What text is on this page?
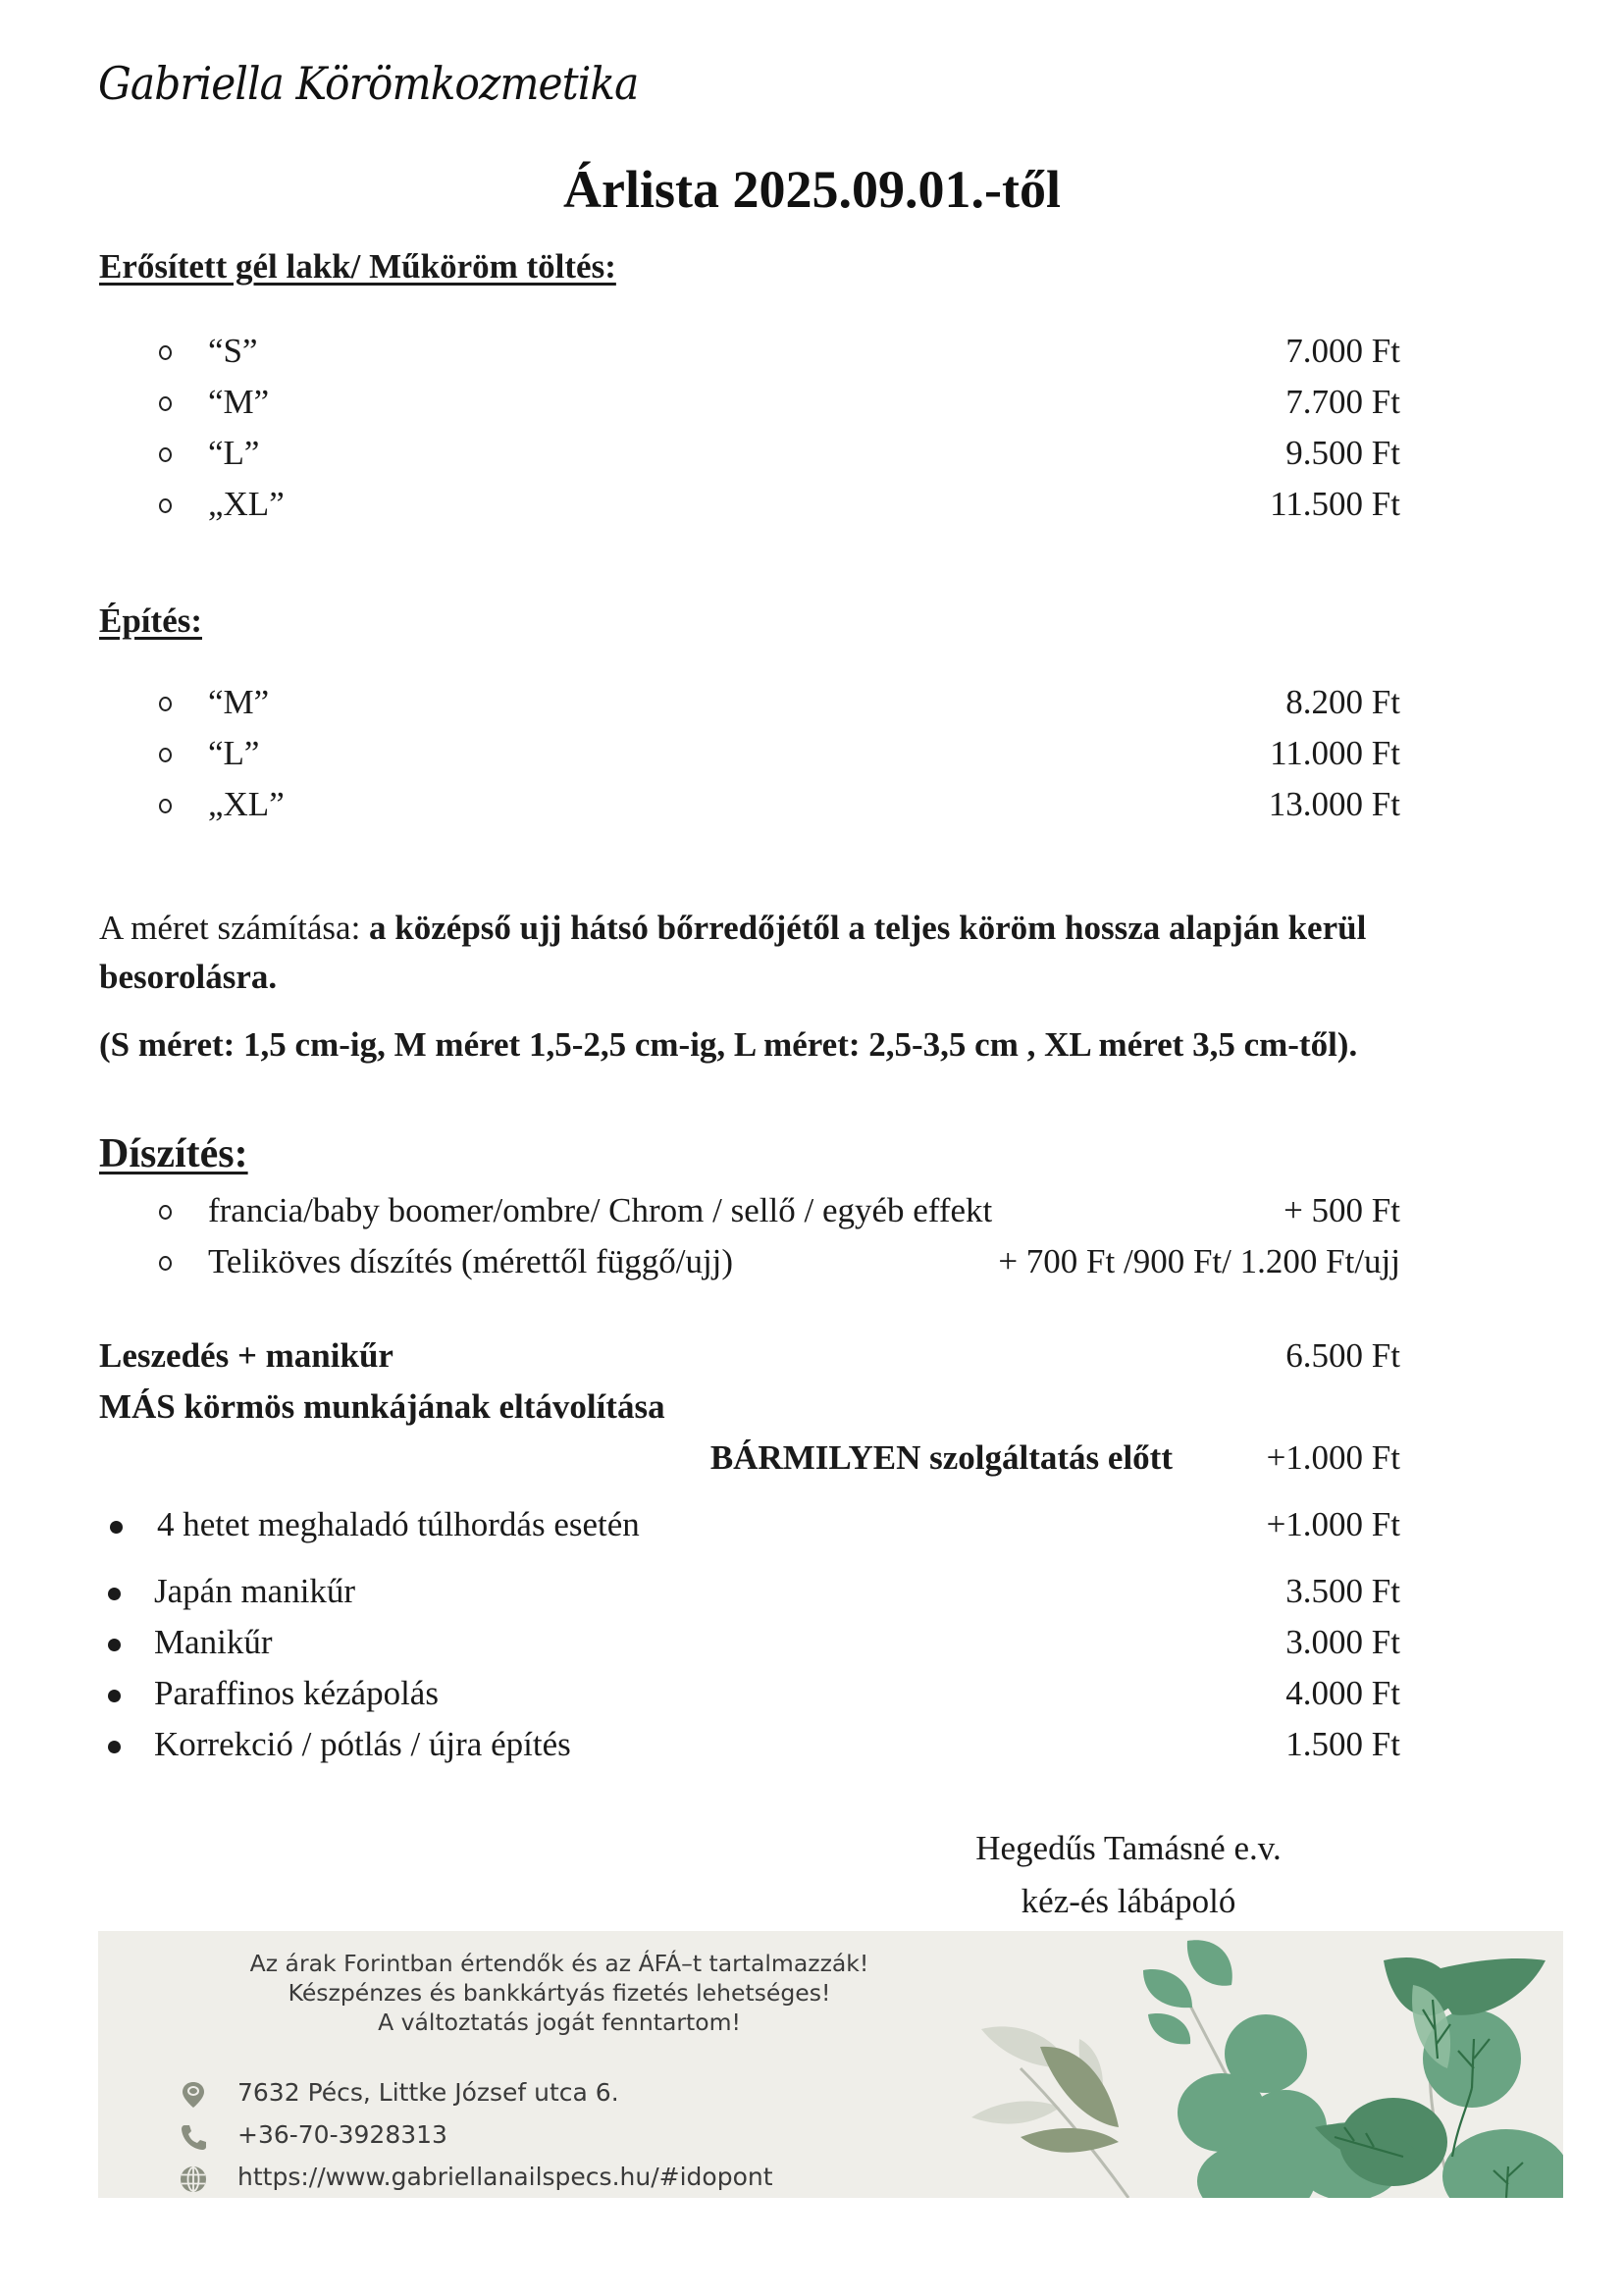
Gabriella Körömkozmetika
Árlista 2025.09.01.-től
Erősített gél lakk/ Műköröm töltés:
“S”	7.000 Ft
“M”	7.700 Ft
“L”	9.500 Ft
„XL”	11.500 Ft
Építés:
“M”	8.200 Ft
“L”	11.000 Ft
„XL”	13.000 Ft
A méret számítása: a középső ujj hátsó bőrredőjétől a teljes köröm hossza alapján kerül
besorolásra.
(S méret: 1,5 cm-ig, M méret 1,5-2,5 cm-ig, L méret: 2,5-3,5 cm , XL méret 3,5 cm-től).
Díszítés:
francia/baby boomer/ombre/ Chrom / sellő / egyéb effekt	+ 500 Ft
Teliköves díszítés (mérettől függő/ujj)	+ 700 Ft /900 Ft/ 1.200 Ft/ujj
Leszedés + manikűr	6.500 Ft
MÁS körmös munkájának eltávolítása
BÁRMILYEN szolgáltatás előtt	+1.000 Ft
4 hetet meghaladó túlhordás esetén	+1.000 Ft
Japán manikűr	3.500 Ft
Manikűr	3.000 Ft
Paraffinos kézápolás	4.000 Ft
Korrekció / pótlás / újra építés	1.500 Ft
Hegedűs Tamásné e.v.
kéz-és lábápoló
Az árak Forintban értendők és az ÁFÁ–t tartalmazzák!
Készpénzes és bankkártyás fizetés lehetséges!
A változtatás jogát fenntartom!
7632 Pécs, Littke József utca 6.
+36-70-3928313
https://www.gabriellanailspecs.hu/#idopont
